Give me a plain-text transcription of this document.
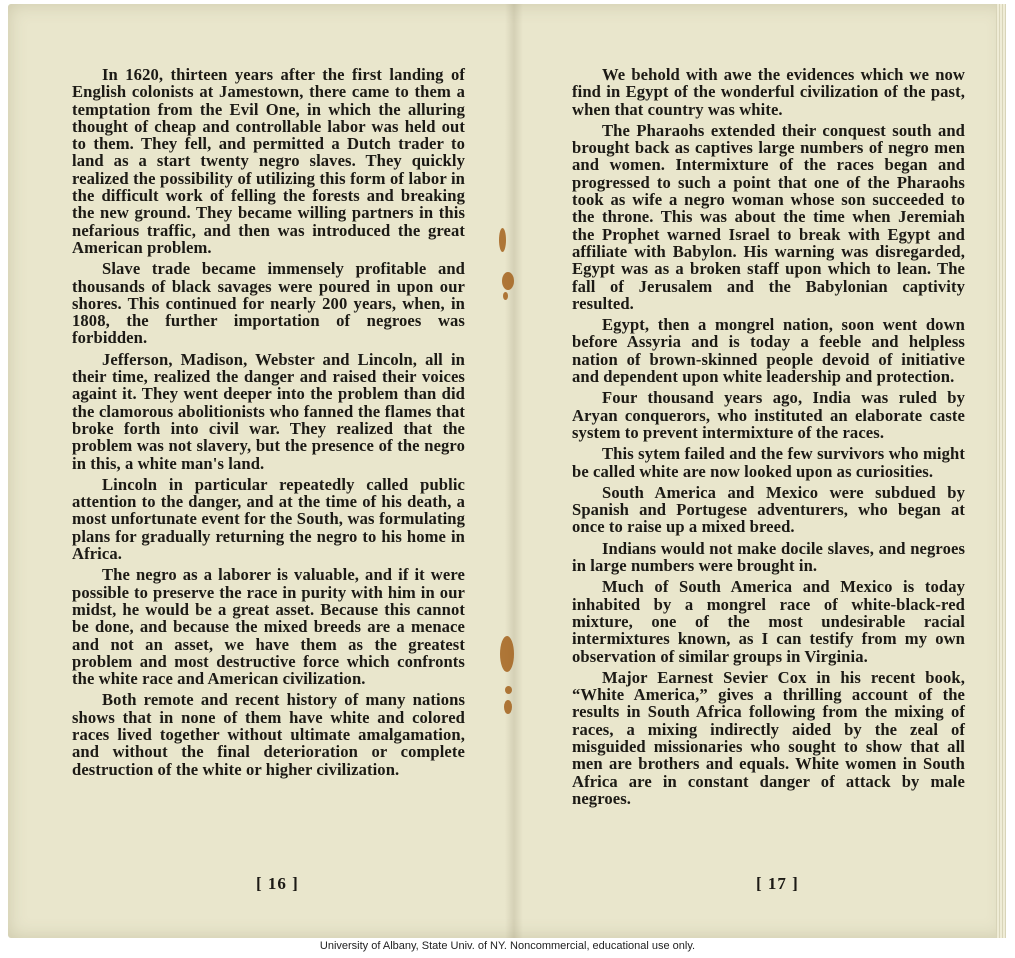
In 1620, thirteen years after the first landing of English colonists at Jamestown, there came to them a temptation from the Evil One, in which the alluring thought of cheap and controllable labor was held out to them. They fell, and permitted a Dutch trader to land as a start twenty negro slaves. They quickly realized the possibility of utilizing this form of labor in the difficult work of felling the forests and breaking the new ground. They became willing partners in this nefarious traffic, and then was introduced the great American problem.

Slave trade became immensely profitable and thousands of black savages were poured in upon our shores. This continued for nearly 200 years, when, in 1808, the further importation of negroes was forbidden.

Jefferson, Madison, Webster and Lincoln, all in their time, realized the danger and raised their voices againt it. They went deeper into the problem than did the clamorous abolitionists who fanned the flames that broke forth into civil war. They realized that the problem was not slavery, but the presence of the negro in this, a white man's land.

Lincoln in particular repeatedly called public attention to the danger, and at the time of his death, a most unfortunate event for the South, was formulating plans for gradually returning the negro to his home in Africa.

The negro as a laborer is valuable, and if it were possible to preserve the race in purity with him in our midst, he would be a great asset. Because this cannot be done, and because the mixed breeds are a menace and not an asset, we have them as the greatest problem and most destructive force which confronts the white race and American civilization.

Both remote and recent history of many nations shows that in none of them have white and colored races lived together without ultimate amalgamation, and without the final deterioration or complete destruction of the white or higher civilization.

We behold with awe the evidences which we now find in Egypt of the wonderful civilization of the past, when that country was white.

The Pharaohs extended their conquest south and brought back as captives large numbers of negro men and women. Intermixture of the races began and progressed to such a point that one of the Pharaohs took as wife a negro woman whose son succeeded to the throne. This was about the time when Jeremiah the Prophet warned Israel to break with Egypt and affiliate with Babylon. His warning was disregarded, Egypt was as a broken staff upon which to lean. The fall of Jerusalem and the Babylonian captivity resulted.

Egypt, then a mongrel nation, soon went down before Assyria and is today a feeble and helpless nation of brown-skinned people devoid of initiative and dependent upon white leadership and protection.

Four thousand years ago, India was ruled by Aryan conquerors, who instituted an elaborate caste system to prevent intermixture of the races.

This sytem failed and the few survivors who might be called white are now looked upon as curiosities.

South America and Mexico were subdued by Spanish and Portugese adventurers, who began at once to raise up a mixed breed.

Indians would not make docile slaves, and negroes in large numbers were brought in.

Much of South America and Mexico is today inhabited by a mongrel race of white-black-red mixture, one of the most undesirable racial intermixtures known, as I can testify from my own observation of similar groups in Virginia.

Major Earnest Sevier Cox in his recent book, “White America,” gives a thrilling account of the results in South Africa following from the mixing of races, a mixing indirectly aided by the zeal of misguided missionaries who sought to show that all men are brothers and equals. White women in South Africa are in constant danger of attack by male negroes.

[ 16 ]	[ 17 ]
University of Albany, State Univ. of NY. Noncommercial, educational use only.
